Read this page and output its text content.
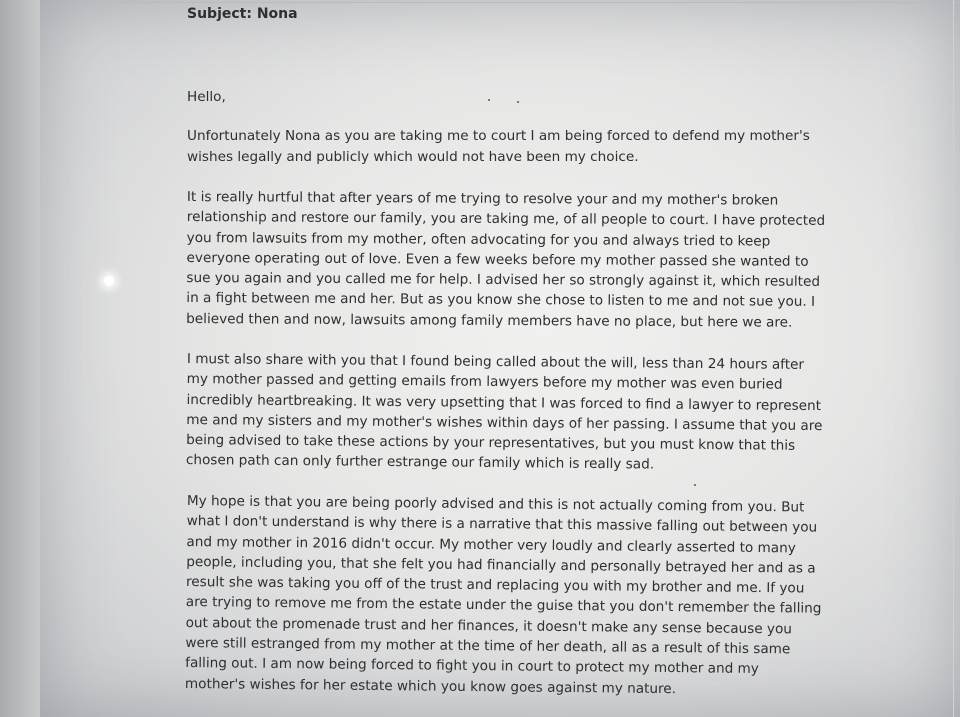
Subject: Nona

Hello,

Unfortunately Nona as you are taking me to court I am being forced to defend my mother's
wishes legally and publicly which would not have been my choice.

It is really hurtful that after years of me trying to resolve your and my mother's broken
relationship and restore our family, you are taking me, of all people to court. I have protected
you from lawsuits from my mother, often advocating for you and always tried to keep
everyone operating out of love. Even a few weeks before my mother passed she wanted to
sue you again and you called me for help. I advised her so strongly against it, which resulted
in a fight between me and her. But as you know she chose to listen to me and not sue you. I
believed then and now, lawsuits among family members have no place, but here we are.

I must also share with you that I found being called about the will, less than 24 hours after
my mother passed and getting emails from lawyers before my mother was even buried
incredibly heartbreaking. It was very upsetting that I was forced to find a lawyer to represent
me and my sisters and my mother's wishes within days of her passing. I assume that you are
being advised to take these actions by your representatives, but you must know that this
chosen path can only further estrange our family which is really sad.

My hope is that you are being poorly advised and this is not actually coming from you. But
what I don't understand is why there is a narrative that this massive falling out between you
and my mother in 2016 didn't occur. My mother very loudly and clearly asserted to many
people, including you, that she felt you had financially and personally betrayed her and as a
result she was taking you off of the trust and replacing you with my brother and me. If you
are trying to remove me from the estate under the guise that you don't remember the falling
out about the promenade trust and her finances, it doesn't make any sense because you
were still estranged from my mother at the time of her death, all as a result of this same
falling out. I am now being forced to fight you in court to protect my mother and my
mother's wishes for her estate which you know goes against my nature.
